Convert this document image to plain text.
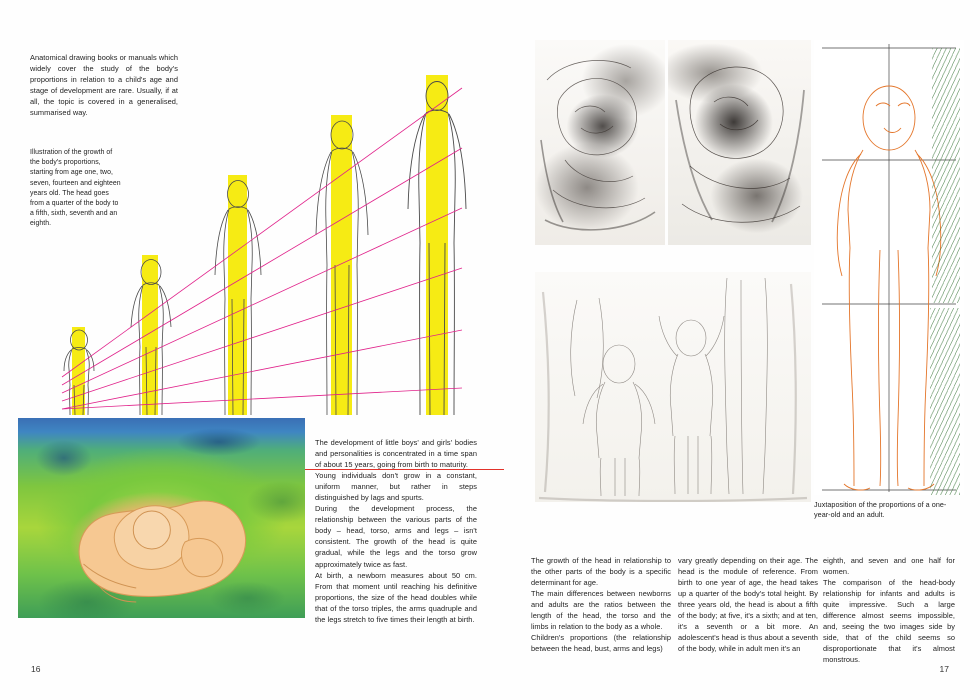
Anatomical drawing books or manuals which widely cover the study of the body's proportions in relation to a child's age and stage of development are rare. Usually, if at all, the topic is covered in a generalised, summarised way.

Illustration of the growth of the body's proportions, starting from age one, two, seven, fourteen and eighteen years old. The head goes from a quarter of the body to a fifth, sixth, seventh and an eighth.

The development of little boys' and girls' bodies and personalities is concentrated in a time span of about 15 years, going from birth to maturity.

Young individuals don't grow in a constant, uniform manner, but rather in steps distinguished by lags and spurts.

During the development process, the relationship between the various parts of the body – head, torso, arms and legs – isn't consistent. The growth of the head is quite gradual, while the legs and the torso grow approximately twice as fast.

At birth, a newborn measures about 50 cm. From that moment until reaching his definitive proportions, the size of the head doubles while that of the torso triples, the arms quadruple and the legs stretch to five times their length at birth.

16

Juxtaposition of the proportions of a one-year-old and an adult.

The growth of the head in relationship to the other parts of the body is a specific determinant for age.

The main differences between newborns and adults are the ratios between the length of the head, the torso and the limbs in relation to the body as a whole.

Children's proportions (the relationship between the head, bust, arms and legs)

vary greatly depending on their age. The head is the module of reference. From birth to one year of age, the head takes up a quarter of the body's total height. By three years old, the head is about a fifth of the body; at five, it's a sixth; and at ten, it's a seventh or a bit more. An adolescent's head is thus about a seventh of the body, while in adult men it's an

eighth, and seven and one half for women.

The comparison of the head-body relationship for infants and adults is quite impressive. Such a large difference almost seems impossible, and, seeing the two images side by side, that of the child seems so disproportionate that it's almost monstrous.

17
